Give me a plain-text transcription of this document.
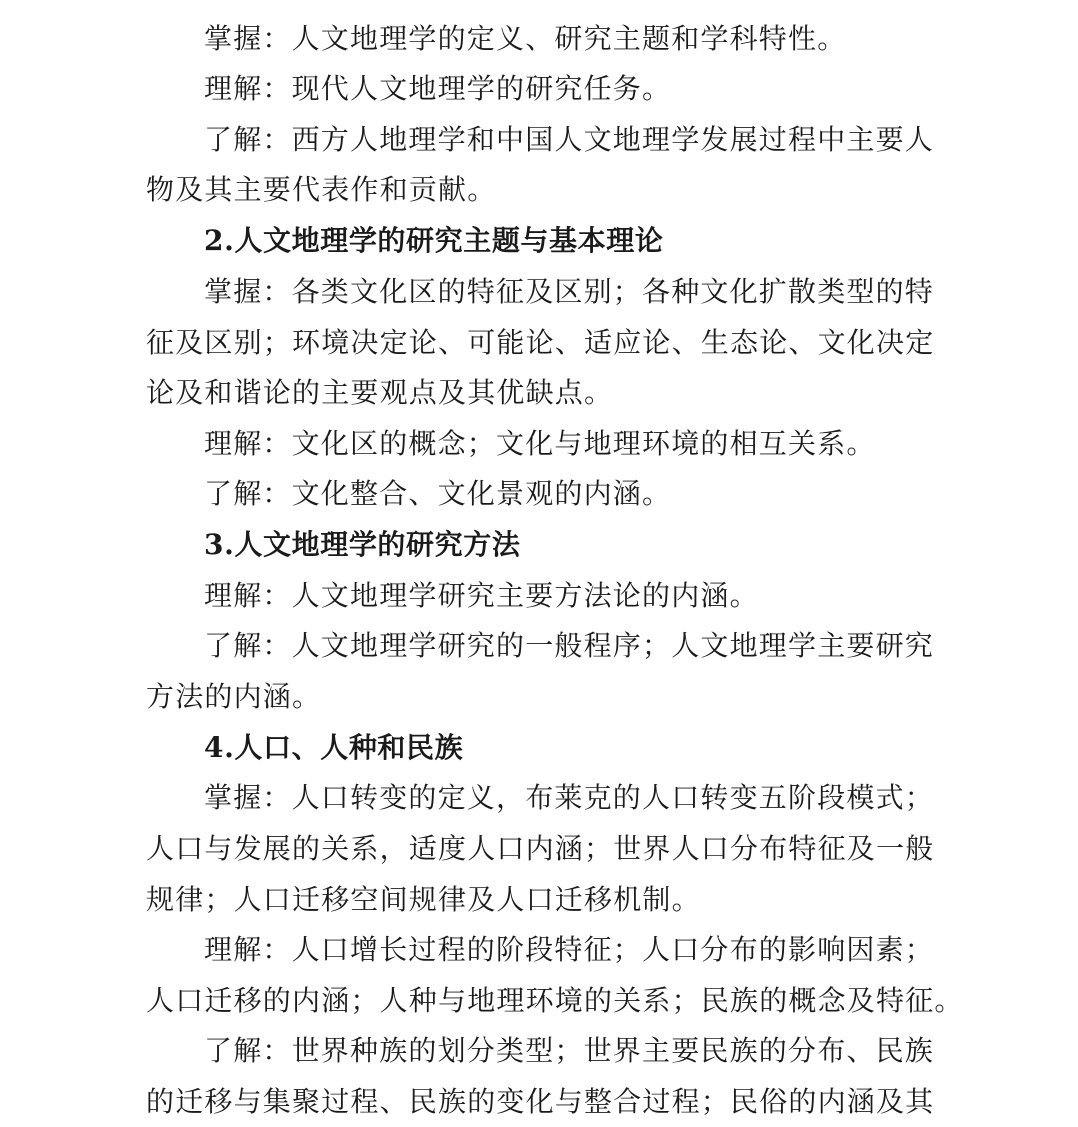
掌握：人文地理学的定义、研究主题和学科特性。
理解：现代人文地理学的研究任务。
了解：西方人地理学和中国人文地理学发展过程中主要人
物及其主要代表作和贡献。
2.人文地理学的研究主题与基本理论
掌握：各类文化区的特征及区别；各种文化扩散类型的特
征及区别；环境决定论、可能论、适应论、生态论、文化决定
论及和谐论的主要观点及其优缺点。
理解：文化区的概念；文化与地理环境的相互关系。
了解：文化整合、文化景观的内涵。
3.人文地理学的研究方法
理解：人文地理学研究主要方法论的内涵。
了解：人文地理学研究的一般程序；人文地理学主要研究
方法的内涵。
4.人口、人种和民族
掌握：人口转变的定义，布莱克的人口转变五阶段模式；
人口与发展的关系，适度人口内涵；世界人口分布特征及一般
规律；人口迁移空间规律及人口迁移机制。
理解：人口增长过程的阶段特征；人口分布的影响因素；
人口迁移的内涵；人种与地理环境的关系；民族的概念及特征。
了解：世界种族的划分类型；世界主要民族的分布、民族
的迁移与集聚过程、民族的变化与整合过程；民俗的内涵及其
